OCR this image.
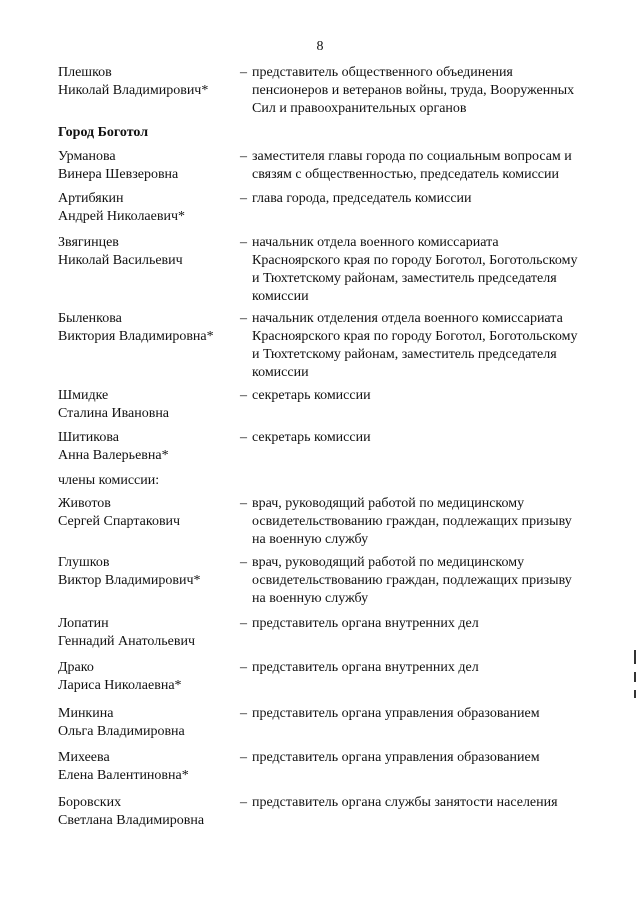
8
Плешков
Николай Владимирович*
– представитель общественного объединения
пенсионеров и ветеранов войны, труда, Вооруженных
Сил и правоохранительных органов
Город Боготол
Урманова
Винера Шевзеровна
– заместителя главы города по социальным вопросам и
связям с общественностью, председатель комиссии
Артибякин
Андрей Николаевич*
– глава города, председатель комиссии
Звягинцев
Николай Васильевич
– начальник отдела военного комиссариата
Красноярского края по городу Боготол, Боготольскому
и Тюхтетскому районам, заместитель председателя
комиссии
Быленкова
Виктория Владимировна*
– начальник отделения отдела военного комиссариата
Красноярского края по городу Боготол, Боготольскому
и Тюхтетскому районам, заместитель председателя
комиссии
Шмидке
Сталина Ивановна
– секретарь комиссии
Шитикова
Анна Валерьевна*
– секретарь комиссии
члены комиссии:
Животов
Сергей Спартакович
– врач, руководящий работой по медицинскому
освидетельствованию граждан, подлежащих призыву
на военную службу
Глушков
Виктор Владимирович*
– врач, руководящий работой по медицинскому
освидетельствованию граждан, подлежащих призыву
на военную службу
Лопатин
Геннадий Анатольевич
– представитель органа внутренних дел
Драко
Лариса Николаевна*
– представитель органа внутренних дел
Минкина
Ольга Владимировна
– представитель органа управления образованием
Михеева
Елена Валентиновна*
– представитель органа управления образованием
Боровских
Светлана Владимировна
– представитель органа службы занятости населения
